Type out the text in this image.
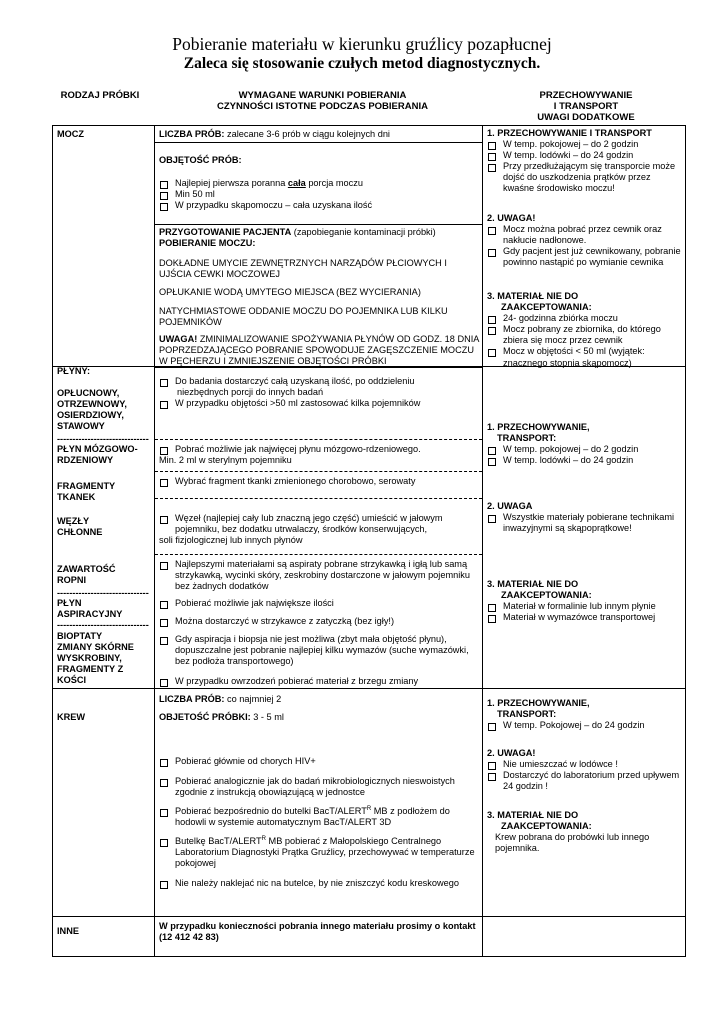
Pobieranie materiału w kierunku gruźlicy pozapłucnej
Zaleca się stosowanie czułych metod diagnostycznych.
RODZAJ PRÓBKI	WYMAGANE WARUNKI POBIERANIA
CZYNNOŚCI ISTOTNE PODCZAS POBIERANIA
PRZECHOWYWANIE
I TRANSPORT
UWAGI DODATKOWE
MOCZ
PŁYNY:
OPŁUCNOWY,
OTRZEWNOWY,
OSIERDZIOWY,
STAWOWY
------------------------------
PŁYN MÓZGOWO-
RDZENIOWY
FRAGMENTY
TKANEK
WĘZŁY
CHŁONNE
ZAWARTOŚĆ
ROPNI
------------------------------
PŁYN
ASPIRACYJNY
------------------------------
BIOPTATY
ZMIANY SKÓRNE
WYSKROBINY,
FRAGMENTY Z
KOŚCI
KREW
INNE
LICZBA PRÓB: zalecane 3-6 prób w ciągu kolejnych dni
OBJĘTOŚĆ PRÓB:
Najlepiej pierwsza poranna cała porcja moczu
Min 50 ml
W przypadku skąpomoczu – cała uzyskana ilość
PRZYGOTOWANIE PACJENTA (zapobieganie kontaminacji próbki)
POBIERANIE MOCZU:
DOKŁADNE UMYCIE ZEWNĘTRZNYCH NARZĄDÓW PŁCIOWYCH I UJŚCIA CEWKI MOCZOWEJ
OPŁUKANIE WODĄ UMYTEGO MIEJSCA (BEZ WYCIERANIA)
NATYCHMIASTOWE ODDANIE MOCZU DO POJEMNIKA LUB KILKU POJEMNIKÓW
UWAGA! ZMINIMALIZOWANIE SPOŻYWANIA PŁYNÓW OD GODZ. 18 DNIA POPRZEDZAJĄCEGO POBRANIE SPOWODUJE ZAGĘSZCZENIE MOCZU W PĘCHERZU I ZMNIEJSZENIE OBJĘTOŚCI PRÓBKI
Do badania dostarczyć całą uzyskaną ilość, po oddzieleniu
niezbędnych porcji do innych badań
W przypadku objętości >50 ml zastosować kilka pojemników
Pobrać możliwie jak najwięcej płynu mózgowo-rdzeniowego.
Min. 2 ml w sterylnym pojemniku
Wybrać fragment tkanki zmienionego chorobowo, serowaty
Węzeł (najlepiej cały lub znaczną jego część) umieścić w jałowym pojemniku, bez dodatku utrwalaczy, środków konserwujących,
soli fizjologicznej lub innych płynów
Najlepszymi materiałami są aspiraty pobrane strzykawką i igłą lub samą strzykawką, wycinki skóry, zeskrobiny dostarczone w jałowym pojemniku bez żadnych dodatków
Pobierać możliwie jak największe ilości
Można dostarczyć w strzykawce z zatyczką (bez igły!)
Gdy aspiracja i biopsja nie jest możliwa (zbyt mała objętość płynu), dopuszczalne jest pobranie najlepiej kilku wymazów (suche wymazówki, bez podłoża transportowego)
W przypadku owrzodzeń pobierać materiał z brzegu zmiany
LICZBA PRÓB: co najmniej 2
OBJETOŚĆ PRÓBKI: 3 - 5 ml
Pobierać głównie od chorych HIV+
Pobierać analogicznie jak do badań mikrobiologicznych nieswoistych zgodnie z instrukcją obowiązującą w jednostce
Pobierać bezpośrednio do butelki BacT/$ALERT^R$ MB z podłożem do hodowli w systemie automatycznym BacT/ALERT 3D
Butelkę BacT/$ALERT^R$ MB pobierać z Małopolskiego Centralnego Laboratorium Diagnostyki Prątka Gruźlicy, przechowywać w temperaturze pokojowej
Nie należy naklejać nic na butelce, by nie zniszczyć kodu kreskowego
W przypadku konieczności pobrania innego materiału prosimy o kontakt (12 412 42 83)
1. PRZECHOWYWANIE I TRANSPORT
W temp. pokojowej – do 2 godzin
W temp. lodówki – do 24 godzin
Przy przedłużającym się transporcie może dojść do uszkodzenia prątków przez kwaśne środowisko moczu!
2. UWAGA!
Mocz można pobrać przez cewnik oraz nakłucie nadłonowe.
Gdy pacjent jest już cewnikowany, pobranie powinno nastąpić po wymianie cewnika
3. MATERIAŁ NIE DO
ZAAKCEPTOWANIA:
24- godzinna zbiórka moczu
Mocz pobrany ze zbiornika, do którego zbiera się mocz przez cewnik
Mocz w objętości < 50 ml (wyjątek: znacznego stopnia skąpomocz)
1. PRZECHOWYWANIE,
TRANSPORT:
W temp. pokojowej – do 2 godzin
W temp. lodówki – do 24 godzin
2. UWAGA
Wszystkie materiały pobierane technikami inwazyjnymi są skąpoprątkowe!
3. MATERIAŁ NIE DO
ZAAKCEPTOWANIA:
Materiał w formalinie lub innym płynie
Materiał w wymazówce transportowej
1. PRZECHOWYWANIE,
TRANSPORT:
W temp. Pokojowej – do 24 godzin
2. UWAGA!
Nie umieszczać w lodówce !
Dostarczyć do laboratorium przed upływem 24 godzin !
3. MATERIAŁ NIE DO
ZAAKCEPTOWANIA:
Krew pobrana do probówki lub innego pojemnika.
